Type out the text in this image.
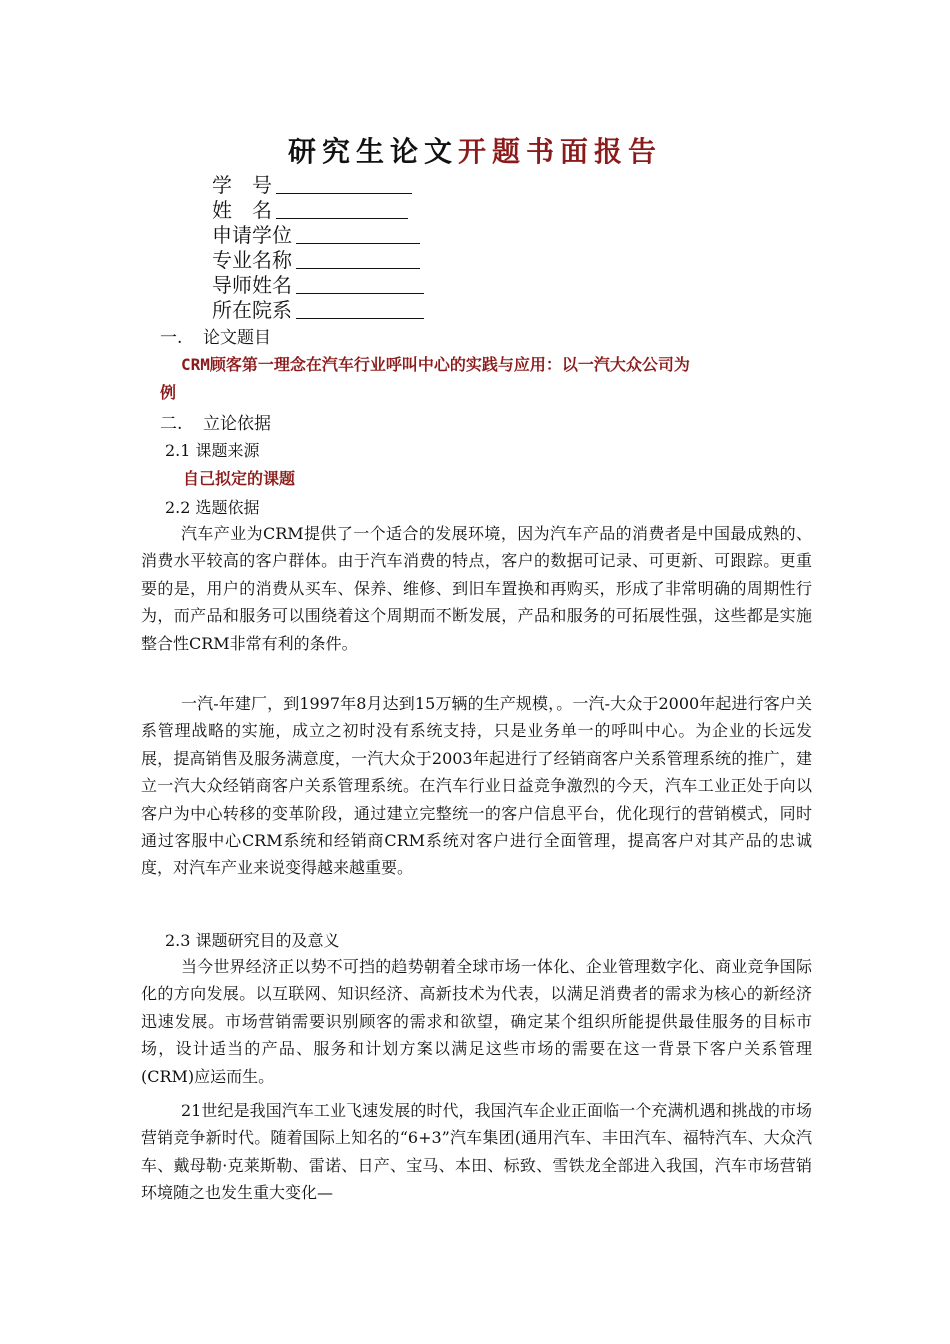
研究生论文开题书面报告
学　号
姓　名
申请学位
专业名称
导师姓名
所在院系
一. 论文题目
CRM顾客第一理念在汽车行业呼叫中心的实践与应用：以一汽大众公司为
例
二. 立论依据
2.1 课题来源
自己拟定的课题
2.2 选题依据

汽车产业为CRM提供了一个适合的发展环境，因为汽车产品的消费者是中国最成熟的、消费水平较高的客户群体。由于汽车消费的特点，客户的数据可记录、可更新、可跟踪。更重要的是，用户的消费从买车、保养、维修、到旧车置换和再购买，形成了非常明确的周期性行为，而产品和服务可以围绕着这个周期而不断发展，产品和服务的可拓展性强，这些都是实施整合性CRM非常有利的条件。

一汽-年建厂，到1997年8月达到15万辆的生产规模，。一汽-大众于2000年起进行客户关系管理战略的实施，成立之初时没有系统支持，只是业务单一的呼叫中心。为企业的长远发展，提高销售及服务满意度，一汽大众于2003年起进行了经销商客户关系管理系统的推广，建立一汽大众经销商客户关系管理系统。在汽车行业日益竞争激烈的今天，汽车工业正处于向以客户为中心转移的变革阶段，通过建立完整统一的客户信息平台，优化现行的营销模式，同时通过客服中心CRM系统和经销商CRM系统对客户进行全面管理，提高客户对其产品的忠诚度，对汽车产业来说变得越来越重要。

2.3 课题研究目的及意义

当今世界经济正以势不可挡的趋势朝着全球市场一体化、企业管理数字化、商业竞争国际化的方向发展。以互联网、知识经济、高新技术为代表，以满足消费者的需求为核心的新经济迅速发展。市场营销需要识别顾客的需求和欲望，确定某个组织所能提供最佳服务的目标市场，设计适当的产品、服务和计划方案以满足这些市场的需要在这一背景下客户关系管理(CRM)应运而生。

21世纪是我国汽车工业飞速发展的时代，我国汽车企业正面临一个充满机遇和挑战的市场营销竞争新时代。随着国际上知名的“6+3”汽车集团(通用汽车、丰田汽车、福特汽车、大众汽车、戴母勒·克莱斯勒、雷诺、日产、宝马、本田、标致、雪铁龙全部进入我国，汽车市场营销环境随之也发生重大变化—
